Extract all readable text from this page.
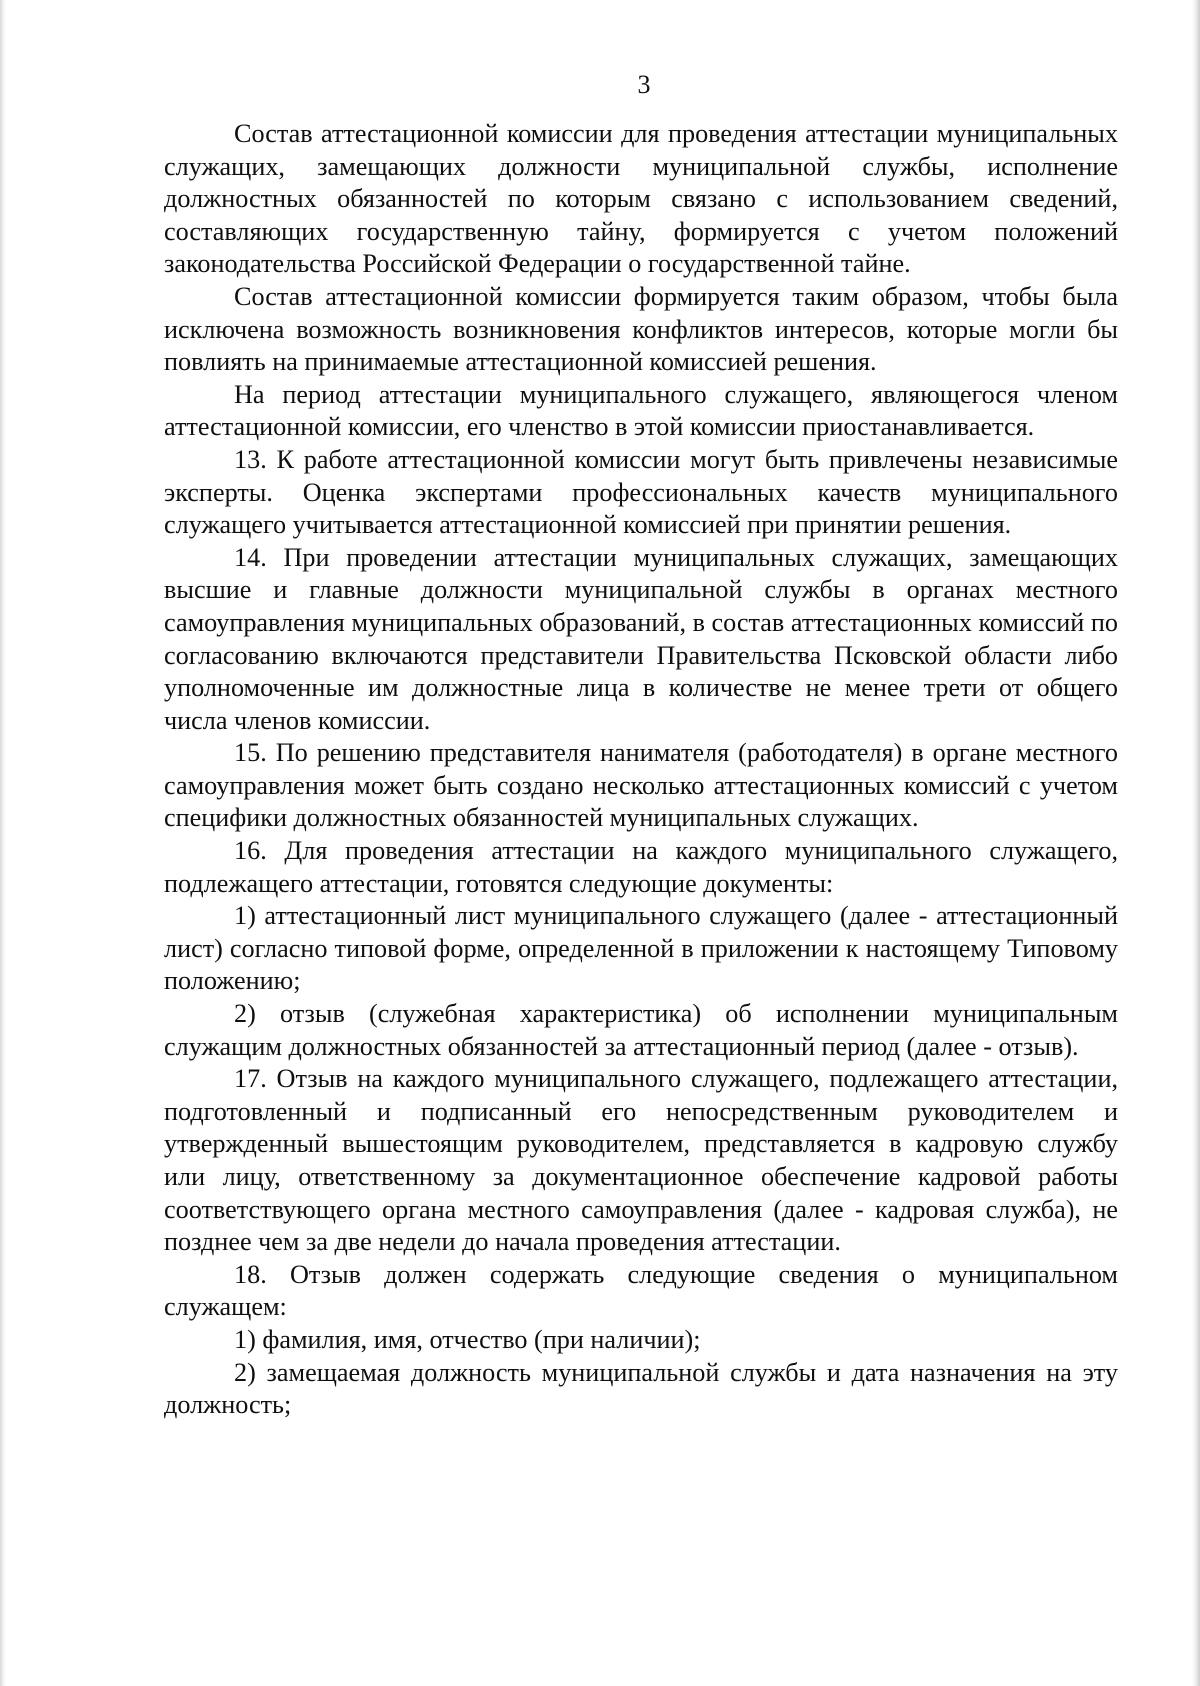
3

Состав аттестационной комиссии для проведения аттестации муниципальных служащих, замещающих должности муниципальной службы, исполнение должностных обязанностей по которым связано с использованием сведений, составляющих государственную тайну, формируется с учетом положений законодательства Российской Федерации о государственной тайне.

Состав аттестационной комиссии формируется таким образом, чтобы была исключена возможность возникновения конфликтов интересов, которые могли бы повлиять на принимаемые аттестационной комиссией решения.

На период аттестации муниципального служащего, являющегося членом аттестационной комиссии, его членство в этой комиссии приостанавливается.

13. К работе аттестационной комиссии могут быть привлечены независимые эксперты. Оценка экспертами профессиональных качеств муниципального служащего учитывается аттестационной комиссией при принятии решения.

14. При проведении аттестации муниципальных служащих, замещающих высшие и главные должности муниципальной службы в органах местного самоуправления муниципальных образований, в состав аттестационных комиссий по согласованию включаются представители Правительства Псковской области либо уполномоченные им должностные лица в количестве не менее трети от общего числа членов комиссии.

15. По решению представителя нанимателя (работодателя) в органе местного самоуправления может быть создано несколько аттестационных комиссий с учетом специфики должностных обязанностей муниципальных служащих.

16. Для проведения аттестации на каждого муниципального служащего, подлежащего аттестации, готовятся следующие документы:

1) аттестационный лист муниципального служащего (далее - аттестационный лист) согласно типовой форме, определенной в приложении к настоящему Типовому положению;

2) отзыв (служебная характеристика) об исполнении муниципальным служащим должностных обязанностей за аттестационный период (далее - отзыв).

17. Отзыв на каждого муниципального служащего, подлежащего аттестации, подготовленный и подписанный его непосредственным руководителем и утвержденный вышестоящим руководителем, представляется в кадровую службу или лицу, ответственному за документационное обеспечение кадровой работы соответствующего органа местного самоуправления (далее - кадровая служба), не позднее чем за две недели до начала проведения аттестации.

18. Отзыв должен содержать следующие сведения о муниципальном служащем:

1) фамилия, имя, отчество (при наличии);

2) замещаемая должность муниципальной службы и дата назначения на эту должность;
